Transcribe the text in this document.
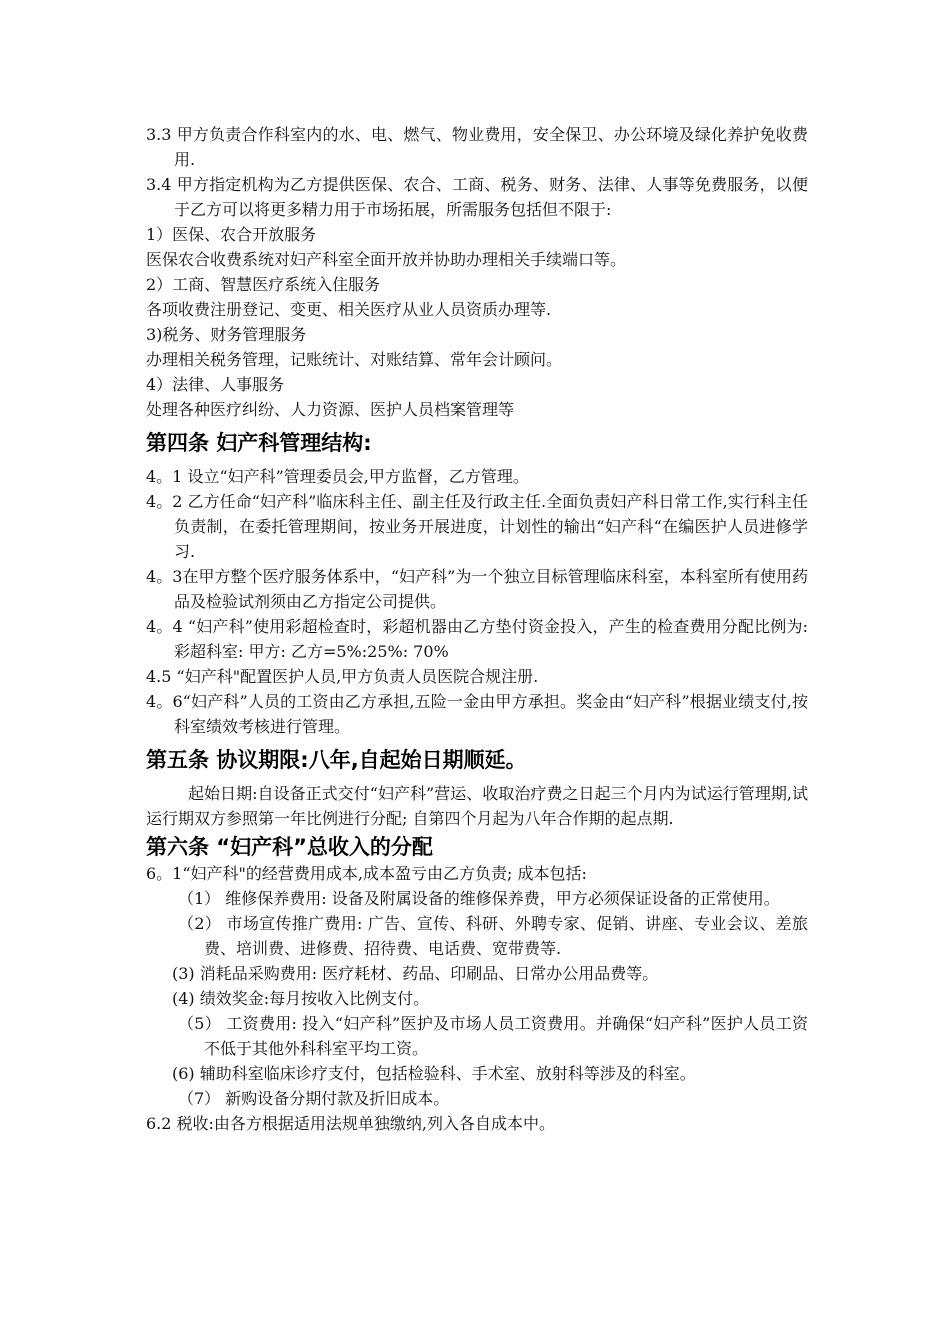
3.3 甲方负责合作科室内的水、电、燃气、物业费用，安全保卫、办公环境及绿化养护免收费用.

3.4 甲方指定机构为乙方提供医保、农合、工商、税务、财务、法律、人事等免费服务，以便于乙方可以将更多精力用于市场拓展，所需服务包括但不限于:

1）医保、农合开放服务

医保农合收费系统对妇产科室全面开放并协助办理相关手续端口等。

2）工商、智慧医疗系统入住服务

各项收费注册登记、变更、相关医疗从业人员资质办理等.

3)税务、财务管理服务

办理相关税务管理，记账统计、对账结算、常年会计顾问。

4）法律、人事服务

处理各种医疗纠纷、人力资源、医护人员档案管理等

第四条 妇产科管理结构:

4。1 设立“妇产科”管理委员会,甲方监督，乙方管理。

4。2 乙方任命“妇产科”临床科主任、副主任及行政主任.全面负责妇产科日常工作,实行科主任负责制，在委托管理期间，按业务开展进度，计划性的输出“妇产科“在编医护人员进修学习.

4。3在甲方整个医疗服务体系中，“妇产科”为一个独立目标管理临床科室，本科室所有使用药品及检验试剂须由乙方指定公司提供。

4。4 “妇产科”使用彩超检查时，彩超机器由乙方垫付资金投入，产生的检查费用分配比例为: 彩超科室: 甲方: 乙方=5%:25%: 70%

4.5 “妇产科"配置医护人员,甲方负责人员医院合规注册.

4。6“妇产科”人员的工资由乙方承担,五险一金由甲方承担。奖金由“妇产科”根据业绩支付,按科室绩效考核进行管理。

第五条 协议期限:八年,自起始日期顺延。

起始日期:自设备正式交付“妇产科”营运、收取治疗费之日起三个月内为试运行管理期,试运行期双方参照第一年比例进行分配; 自第四个月起为八年合作期的起点期.

第六条 “妇产科”总收入的分配

6。1“妇产科"的经营费用成本,成本盈亏由乙方负责; 成本包括:

（1） 维修保养费用: 设备及附属设备的维修保养费，甲方必须保证设备的正常使用。

（2） 市场宣传推广费用: 广告、宣传、科研、外聘专家、促销、讲座、专业会议、差旅费、培训费、进修费、招待费、电话费、宽带费等.

(3) 消耗品采购费用: 医疗耗材、药品、印刷品、日常办公用品费等。

(4) 绩效奖金:每月按收入比例支付。

（5） 工资费用: 投入“妇产科”医护及市场人员工资费用。并确保“妇产科”医护人员工资不低于其他外科科室平均工资。

(6) 辅助科室临床诊疗支付，包括检验科、手术室、放射科等涉及的科室。

（7） 新购设备分期付款及折旧成本。

6.2 税收:由各方根据适用法规单独缴纳,列入各自成本中。
